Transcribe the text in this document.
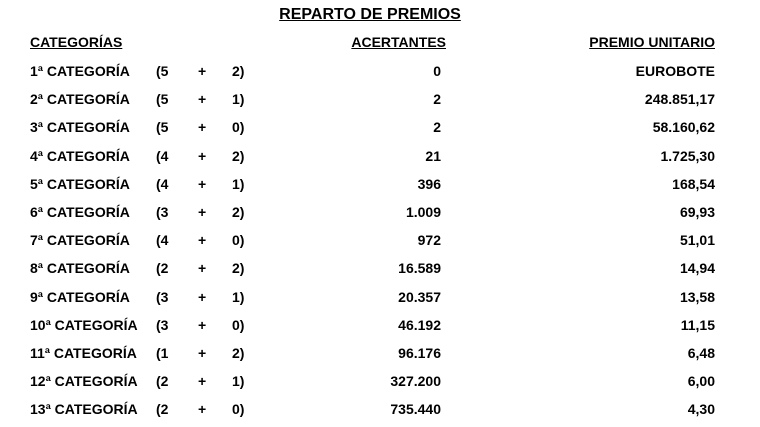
REPARTO DE PREMIOS
CATEGORÍAS	ACERTANTES	PREMIO UNITARIO
1ª CATEGORÍA (5 + 2)	0	EUROBOTE
2ª CATEGORÍA (5 + 1)	2	248.851,17
3ª CATEGORÍA (5 + 0)	2	58.160,62
4ª CATEGORÍA (4 + 2)	21	1.725,30
5ª CATEGORÍA (4 + 1)	396	168,54
6ª CATEGORÍA (3 + 2)	1.009	69,93
7ª CATEGORÍA (4 + 0)	972	51,01
8ª CATEGORÍA (2 + 2)	16.589	14,94
9ª CATEGORÍA (3 + 1)	20.357	13,58
10ª CATEGORÍA (3 + 0)	46.192	11,15
11ª CATEGORÍA (1 + 2)	96.176	6,48
12ª CATEGORÍA (2 + 1)	327.200	6,00
13ª CATEGORÍA (2 + 0)	735.440	4,30
